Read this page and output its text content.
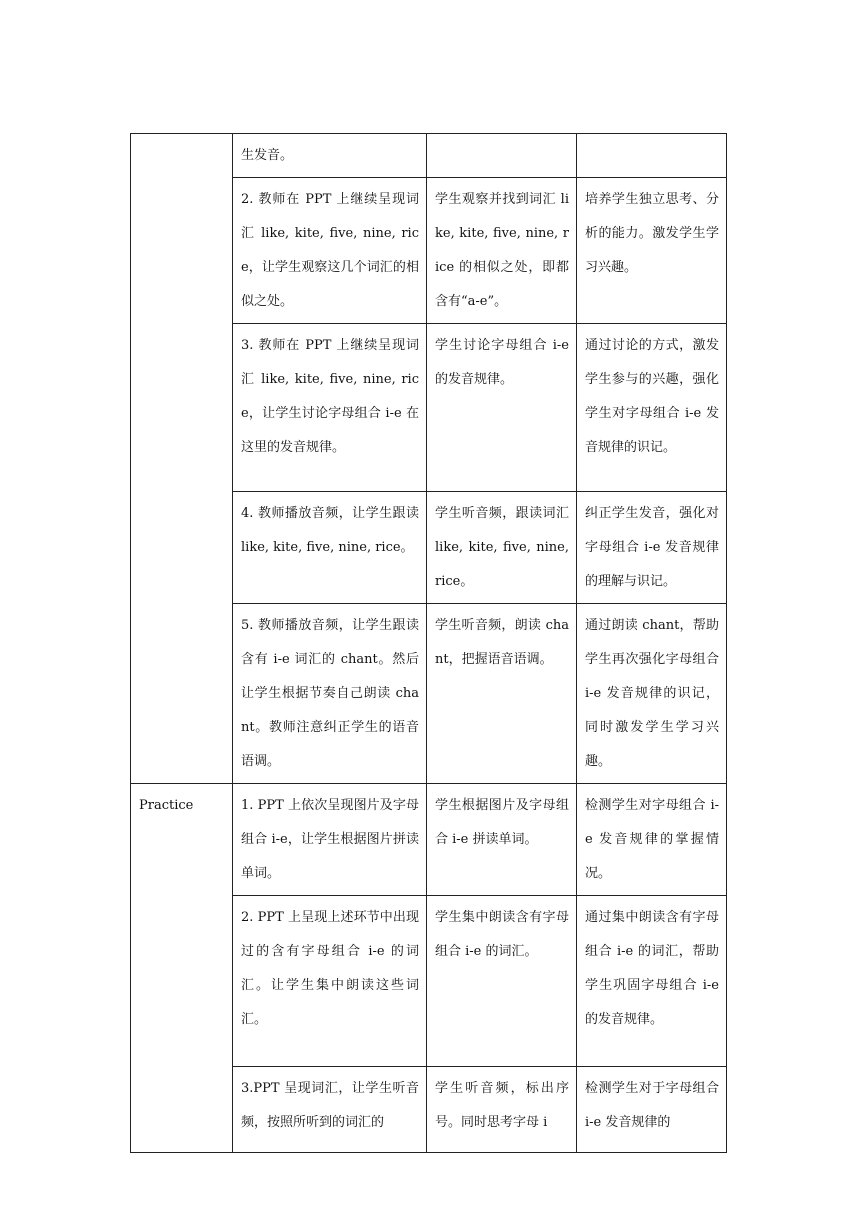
	生发音。		
	2. 教师在 PPT 上继续呈现词汇 like, kite, five, nine, rice，让学生观察这几个词汇的相似之处。	学生观察并找到词汇 like, kite, five, nine, rice 的相似之处，即都含有“a-e”。	培养学生独立思考、分析的能力。激发学生学习兴趣。
	3. 教师在 PPT 上继续呈现词汇 like, kite, five, nine, rice，让学生讨论字母组合 i-e 在这里的发音规律。	学生讨论字母组合 i-e 的发音规律。	通过讨论的方式，激发学生参与的兴趣，强化学生对字母组合 i-e 发音规律的识记。
	4. 教师播放音频，让学生跟读 like, kite, five, nine, rice。	学生听音频，跟读词汇 like, kite, five, nine, rice。	纠正学生发音，强化对字母组合 i-e 发音规律的理解与识记。
	5. 教师播放音频，让学生跟读含有 i-e 词汇的 chant。然后让学生根据节奏自己朗读 chant。教师注意纠正学生的语音语调。	学生听音频，朗读 chant，把握语音语调。	通过朗读 chant，帮助学生再次强化字母组合 i-e 发音规律的识记，同时激发学生学习兴趣。
Practice	1. PPT 上依次呈现图片及字母组合 i-e，让学生根据图片拼读单词。	学生根据图片及字母组合 i-e 拼读单词。	检测学生对字母组合 i-e 发音规律的掌握情况。
	2. PPT 上呈现上述环节中出现过的含有字母组合 i-e 的词汇。让学生集中朗读这些词汇。	学生集中朗读含有字母组合 i-e 的词汇。	通过集中朗读含有字母组合 i-e 的词汇，帮助学生巩固字母组合 i-e 的发音规律。
	3.PPT 呈现词汇，让学生听音频，按照所听到的词汇的	学生听音频，标出序号。同时思考字母 i	检测学生对于字母组合 i-e 发音规律的
